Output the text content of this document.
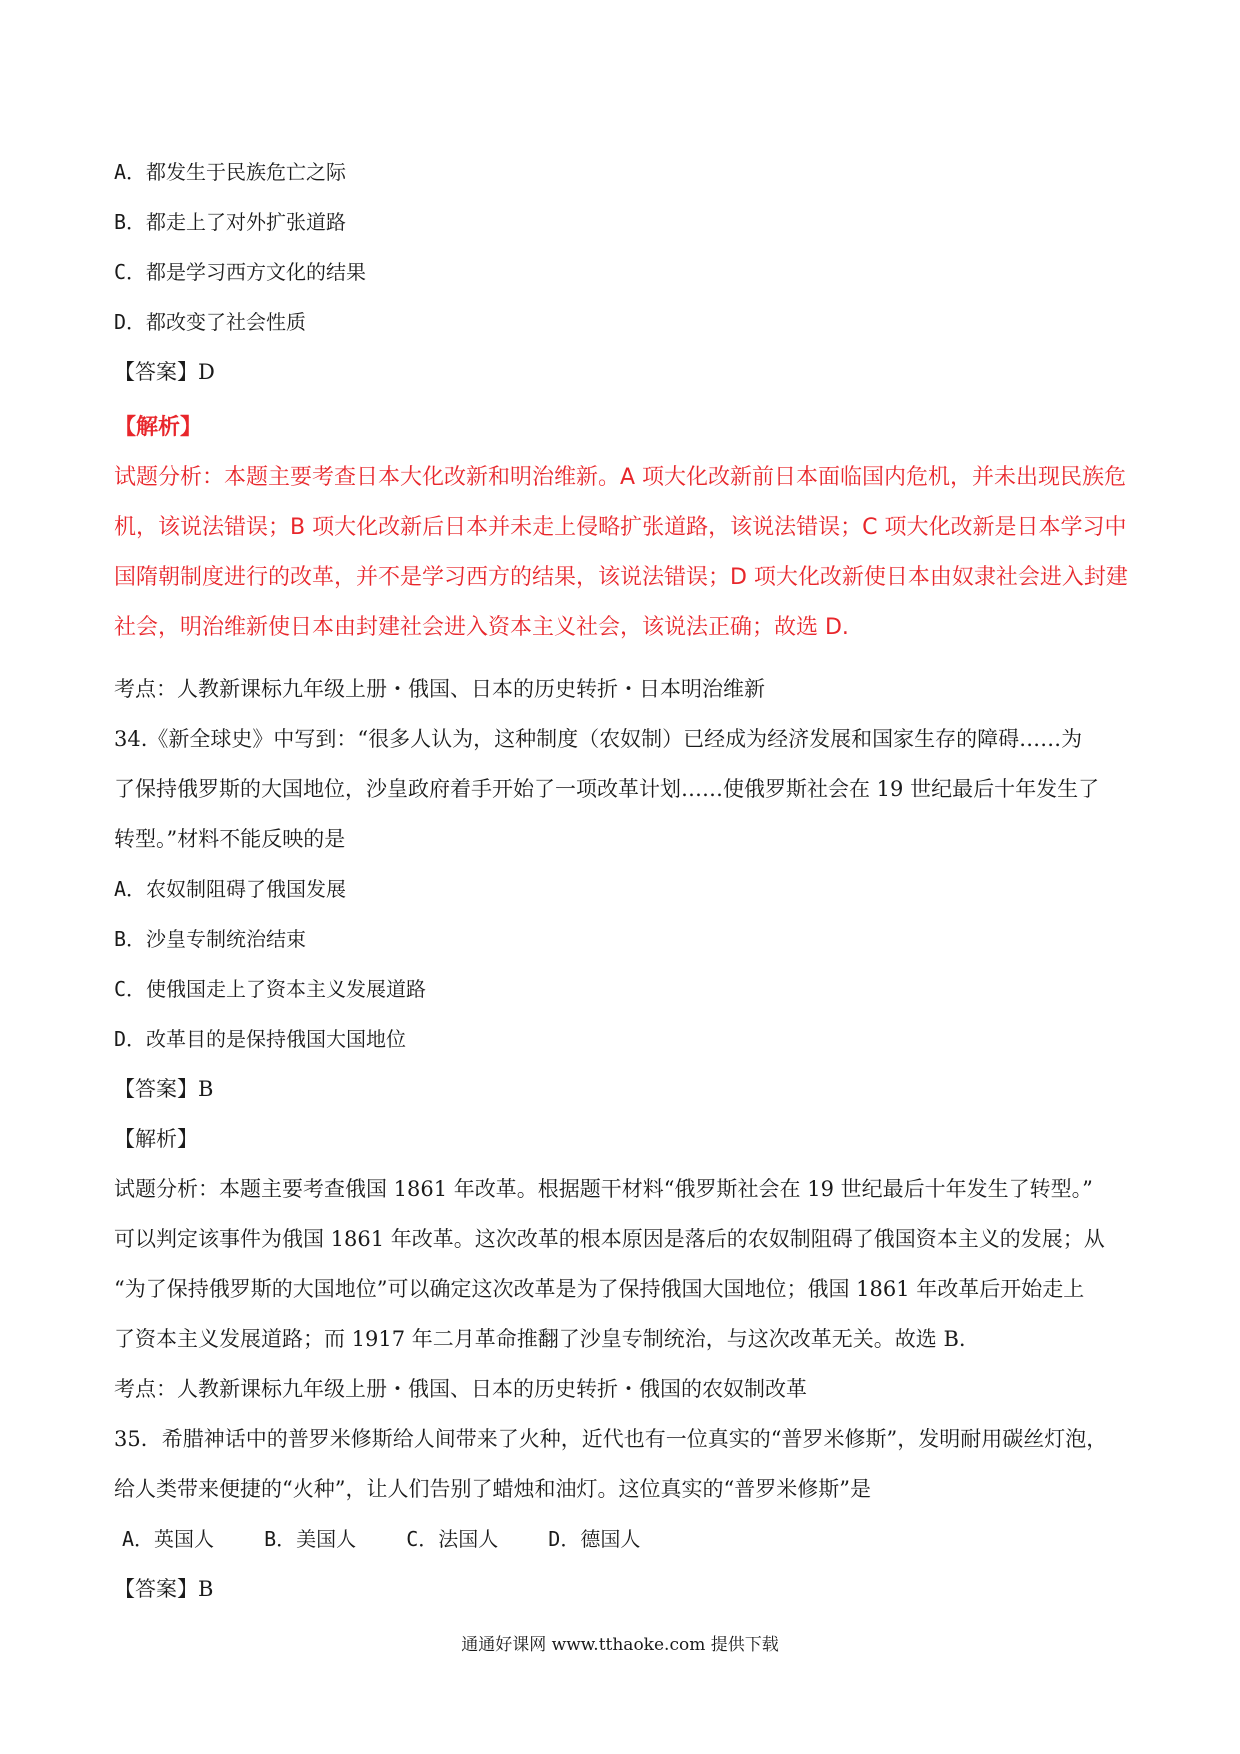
A．都发生于民族危亡之际
B．都走上了对外扩张道路
C．都是学习西方文化的结果
D．都改变了社会性质
【答案】D
【解析】
试题分析：本题主要考查日本大化改新和明治维新。A 项大化改新前日本面临国内危机，并未出现民族危
机，该说法错误；B 项大化改新后日本并未走上侵略扩张道路，该说法错误；C 项大化改新是日本学习中
国隋朝制度进行的改革，并不是学习西方的结果，该说法错误；D 项大化改新使日本由奴隶社会进入封建
社会，明治维新使日本由封建社会进入资本主义社会，该说法正确；故选 D.
考点：人教新课标九年级上册・俄国、日本的历史转折・日本明治维新
34.《新全球史》中写到：“很多人认为，这种制度（农奴制）已经成为经济发展和国家生存的障碍……为
了保持俄罗斯的大国地位，沙皇政府着手开始了一项改革计划……使俄罗斯社会在 19 世纪最后十年发生了
转型。”材料不能反映的是
A．农奴制阻碍了俄国发展
B．沙皇专制统治结束
C．使俄国走上了资本主义发展道路
D．改革目的是保持俄国大国地位
【答案】B
【解析】
试题分析：本题主要考查俄国 1861 年改革。根据题干材料“俄罗斯社会在 19 世纪最后十年发生了转型。”
可以判定该事件为俄国 1861 年改革。这次改革的根本原因是落后的农奴制阻碍了俄国资本主义的发展；从
“为了保持俄罗斯的大国地位”可以确定这次改革是为了保持俄国大国地位；俄国 1861 年改革后开始走上
了资本主义发展道路；而 1917 年二月革命推翻了沙皇专制统治，与这次改革无关。故选 B.
考点：人教新课标九年级上册・俄国、日本的历史转折・俄国的农奴制改革
35．希腊神话中的普罗米修斯给人间带来了火种，近代也有一位真实的“普罗米修斯”，发明耐用碳丝灯泡，
给人类带来便捷的“火种”，让人们告别了蜡烛和油灯。这位真实的“普罗米修斯”是
A．英国人	B．美国人	C．法国人	D．德国人
【答案】B
通通好课网 www.tthaoke.com 提供下载
